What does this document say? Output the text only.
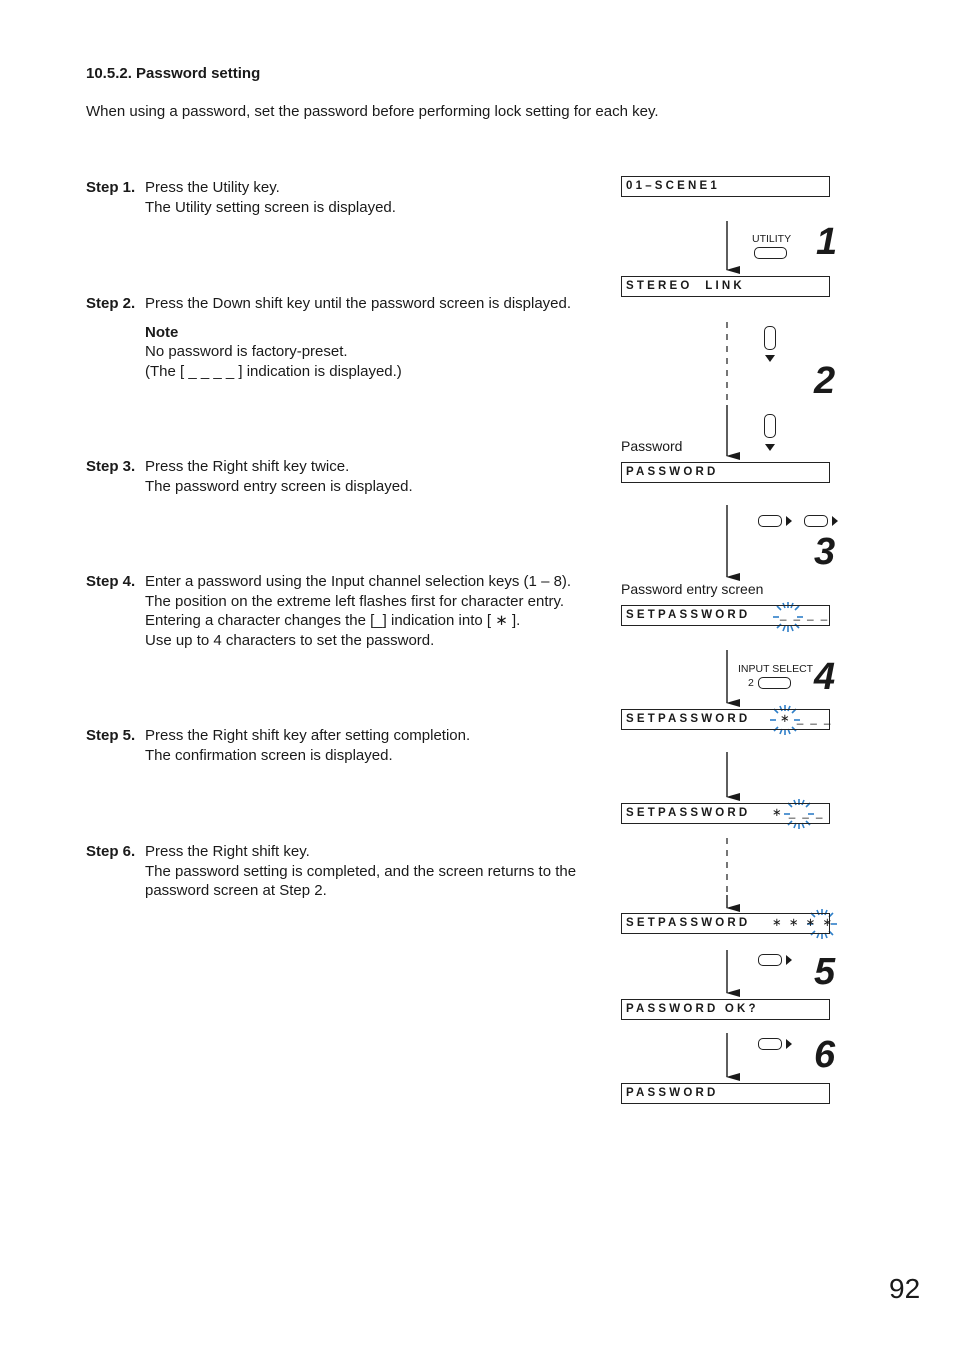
10.5.2. Password setting
When using a password, set the password before performing lock setting for each key.
Step 1. Press the Utility key.
The Utility setting screen is displayed.
Step 2. Press the Down shift key until the password screen is displayed.
Note
No password is factory-preset.
(The [ _ _ _ _ ] indication is displayed.)
Step 3. Press the Right shift key twice.
The password entry screen is displayed.
Step 4. Enter a password using the Input channel selection keys (1 – 8).
The position on the extreme left flashes first for character entry.
Entering a character changes the [_] indication into [ ∗ ].
Use up to 4 characters to set the password.
Step 5. Press the Right shift key after setting completion.
The confirmation screen is displayed.
Step 6. Press the Right shift key.
The password setting is completed, and the screen returns to the
password screen at Step 2.
01–SCENE1
STEREO  LINK
Password
PASSWORD
Password entry screen
SETPASSWORD	_ _ _ _
SETPASSWORD	∗ _ _ _
SETPASSWORD ∗ _ _ _
SETPASSWORD ∗ ∗ ∗ ∗
PASSWORD OK?
PASSWORD
UTILITY 1
2
3
INPUT SELECT
2 4
5
6
92
